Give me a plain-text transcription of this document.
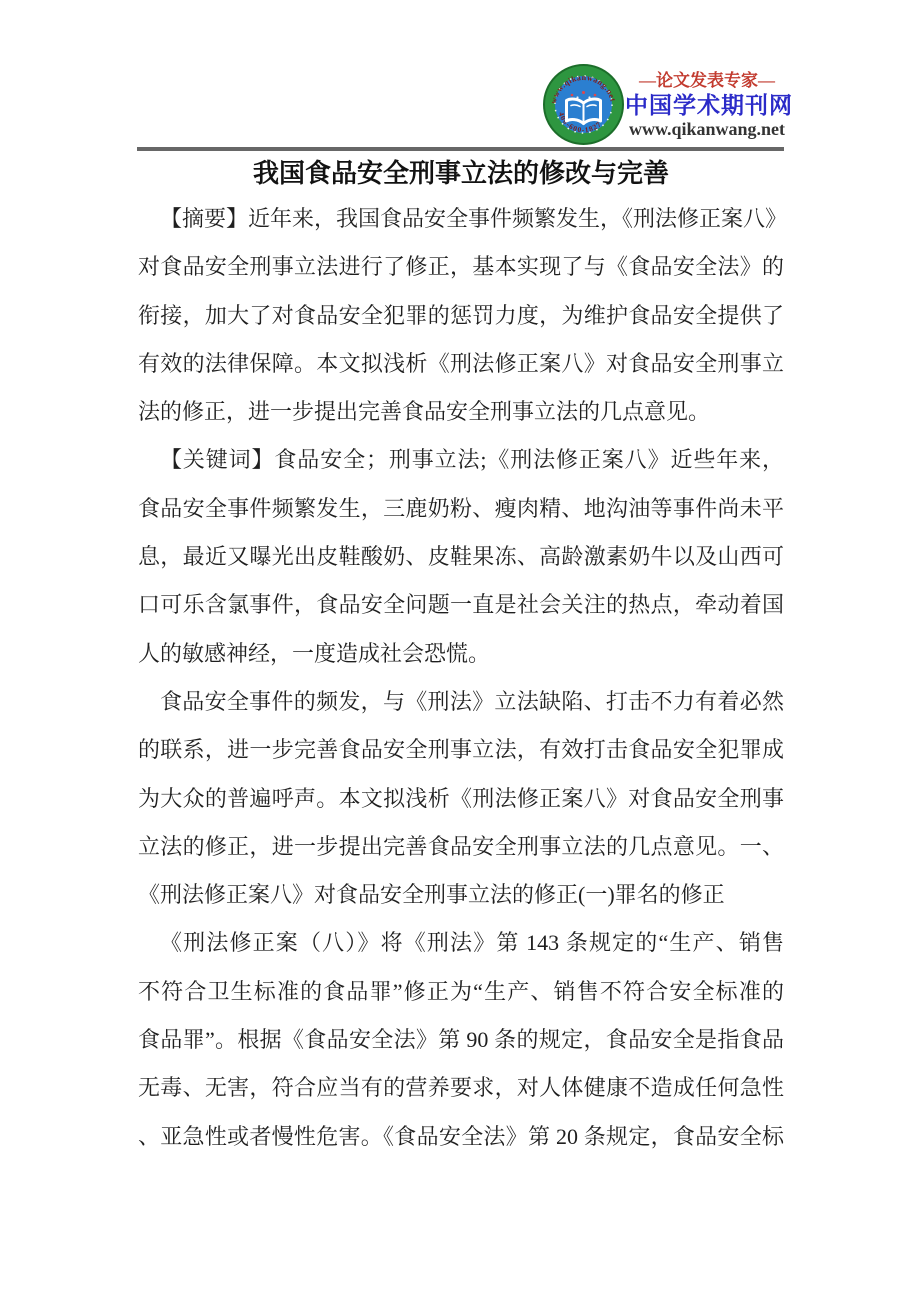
www.qikanwang.net
400-600-1827
—论文发表专家—
中国学术期刊网
www.qikanwang.net
我国食品安全刑事立法的修改与完善
【摘要】近年来，我国食品安全事件频繁发生，《刑法修正案八》
对食品安全刑事立法进行了修正，基本实现了与《食品安全法》的
衔接，加大了对食品安全犯罪的惩罚力度，为维护食品安全提供了
有效的法律保障。本文拟浅析《刑法修正案八》对食品安全刑事立
法的修正，进一步提出完善食品安全刑事立法的几点意见。
【关键词】食品安全；刑事立法;《刑法修正案八》近些年来，
食品安全事件频繁发生，三鹿奶粉、瘦肉精、地沟油等事件尚未平
息，最近又曝光出皮鞋酸奶、皮鞋果冻、高龄激素奶牛以及山西可
口可乐含氯事件，食品安全问题一直是社会关注的热点，牵动着国
人的敏感神经，一度造成社会恐慌。
食品安全事件的频发，与《刑法》立法缺陷、打击不力有着必然
的联系，进一步完善食品安全刑事立法，有效打击食品安全犯罪成
为大众的普遍呼声。本文拟浅析《刑法修正案八》对食品安全刑事
立法的修正，进一步提出完善食品安全刑事立法的几点意见。一、
《刑法修正案八》对食品安全刑事立法的修正(一)罪名的修正
《刑法修正案（八）》将《刑法》第 143 条规定的“生产、销售
不符合卫生标准的食品罪”修正为“生产、销售不符合安全标准的
食品罪”。根据《食品安全法》第 90 条的规定，食品安全是指食品
无毒、无害，符合应当有的营养要求，对人体健康不造成任何急性
、亚急性或者慢性危害。《食品安全法》第 20 条规定，食品安全标
